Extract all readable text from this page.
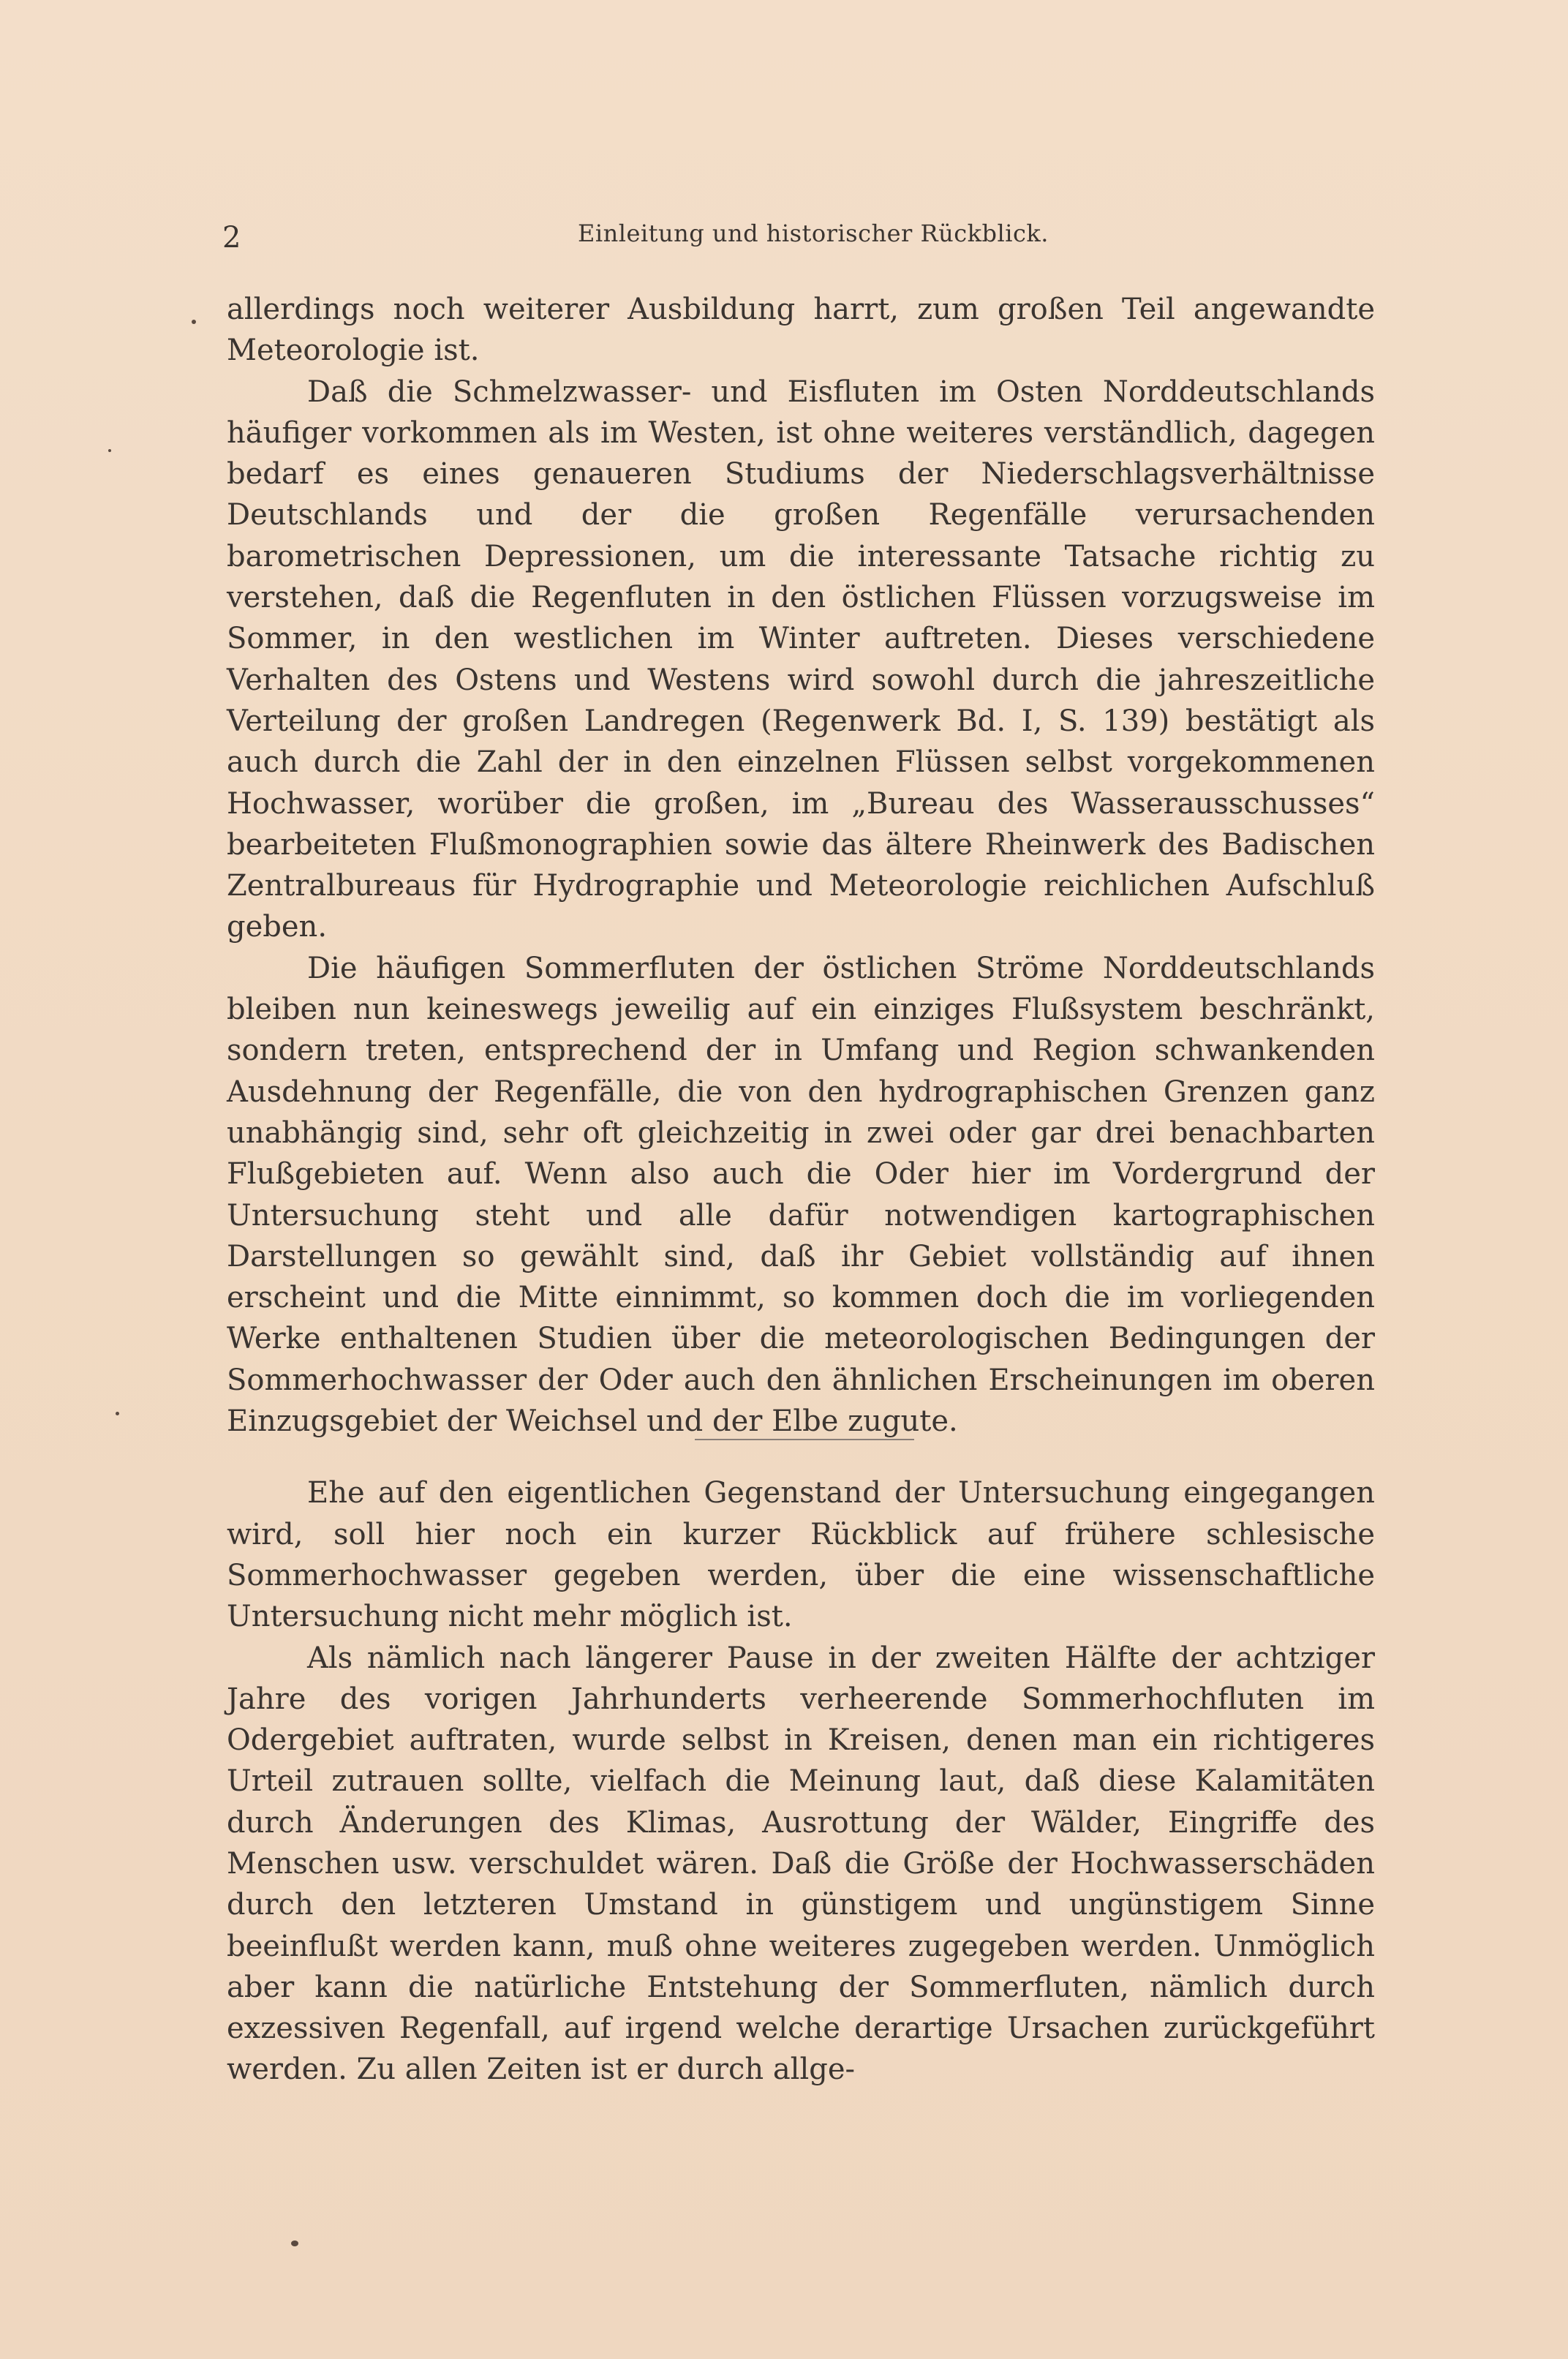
2	Einleitung und historischer Rückblick.

allerdings noch weiterer Ausbildung harrt, zum großen Teil angewandte Meteorologie ist.

Daß die Schmelzwasser- und Eisfluten im Osten Norddeutschlands häufiger vorkommen als im Westen, ist ohne weiteres verständlich, dagegen bedarf es eines genaueren Studiums der Niederschlagsverhältnisse Deutschlands und der die großen Regenfälle verursachenden barometrischen Depressionen, um die interessante Tatsache richtig zu verstehen, daß die Regenfluten in den östlichen Flüssen vorzugsweise im Sommer, in den westlichen im Winter auftreten. Dieses verschiedene Verhalten des Ostens und Westens wird sowohl durch die jahreszeitliche Verteilung der großen Landregen (Regenwerk Bd. I, S. 139) bestätigt als auch durch die Zahl der in den einzelnen Flüssen selbst vorgekommenen Hochwasser, worüber die großen, im „Bureau des Wasserausschusses“ bearbeiteten Flußmonographien sowie das ältere Rheinwerk des Badischen Zentralbureaus für Hydrographie und Meteorologie reichlichen Aufschluß geben.

Die häufigen Sommerfluten der östlichen Ströme Norddeutschlands bleiben nun keineswegs jeweilig auf ein einziges Flußsystem beschränkt, sondern treten, entsprechend der in Umfang und Region schwankenden Ausdehnung der Regenfälle, die von den hydrographischen Grenzen ganz unabhängig sind, sehr oft gleichzeitig in zwei oder gar drei benachbarten Flußgebieten auf. Wenn also auch die Oder hier im Vordergrund der Untersuchung steht und alle dafür notwendigen kartographischen Darstellungen so gewählt sind, daß ihr Gebiet vollständig auf ihnen erscheint und die Mitte einnimmt, so kommen doch die im vorliegenden Werke enthaltenen Studien über die meteorologischen Bedingungen der Sommerhochwasser der Oder auch den ähnlichen Erscheinungen im oberen Einzugsgebiet der Weichsel und der Elbe zugute.

Ehe auf den eigentlichen Gegenstand der Untersuchung eingegangen wird, soll hier noch ein kurzer Rückblick auf frühere schlesische Sommerhochwasser gegeben werden, über die eine wissenschaftliche Untersuchung nicht mehr möglich ist.

Als nämlich nach längerer Pause in der zweiten Hälfte der achtziger Jahre des vorigen Jahrhunderts verheerende Sommerhochfluten im Odergebiet auftraten, wurde selbst in Kreisen, denen man ein richtigeres Urteil zutrauen sollte, vielfach die Meinung laut, daß diese Kalamitäten durch Änderungen des Klimas, Ausrottung der Wälder, Eingriffe des Menschen usw. verschuldet wären. Daß die Größe der Hochwasserschäden durch den letzteren Umstand in günstigem und ungünstigem Sinne beeinflußt werden kann, muß ohne weiteres zugegeben werden. Unmöglich aber kann die natürliche Entstehung der Sommerfluten, nämlich durch exzessiven Regenfall, auf irgend welche derartige Ursachen zurückgeführt werden. Zu allen Zeiten ist er durch allge-
